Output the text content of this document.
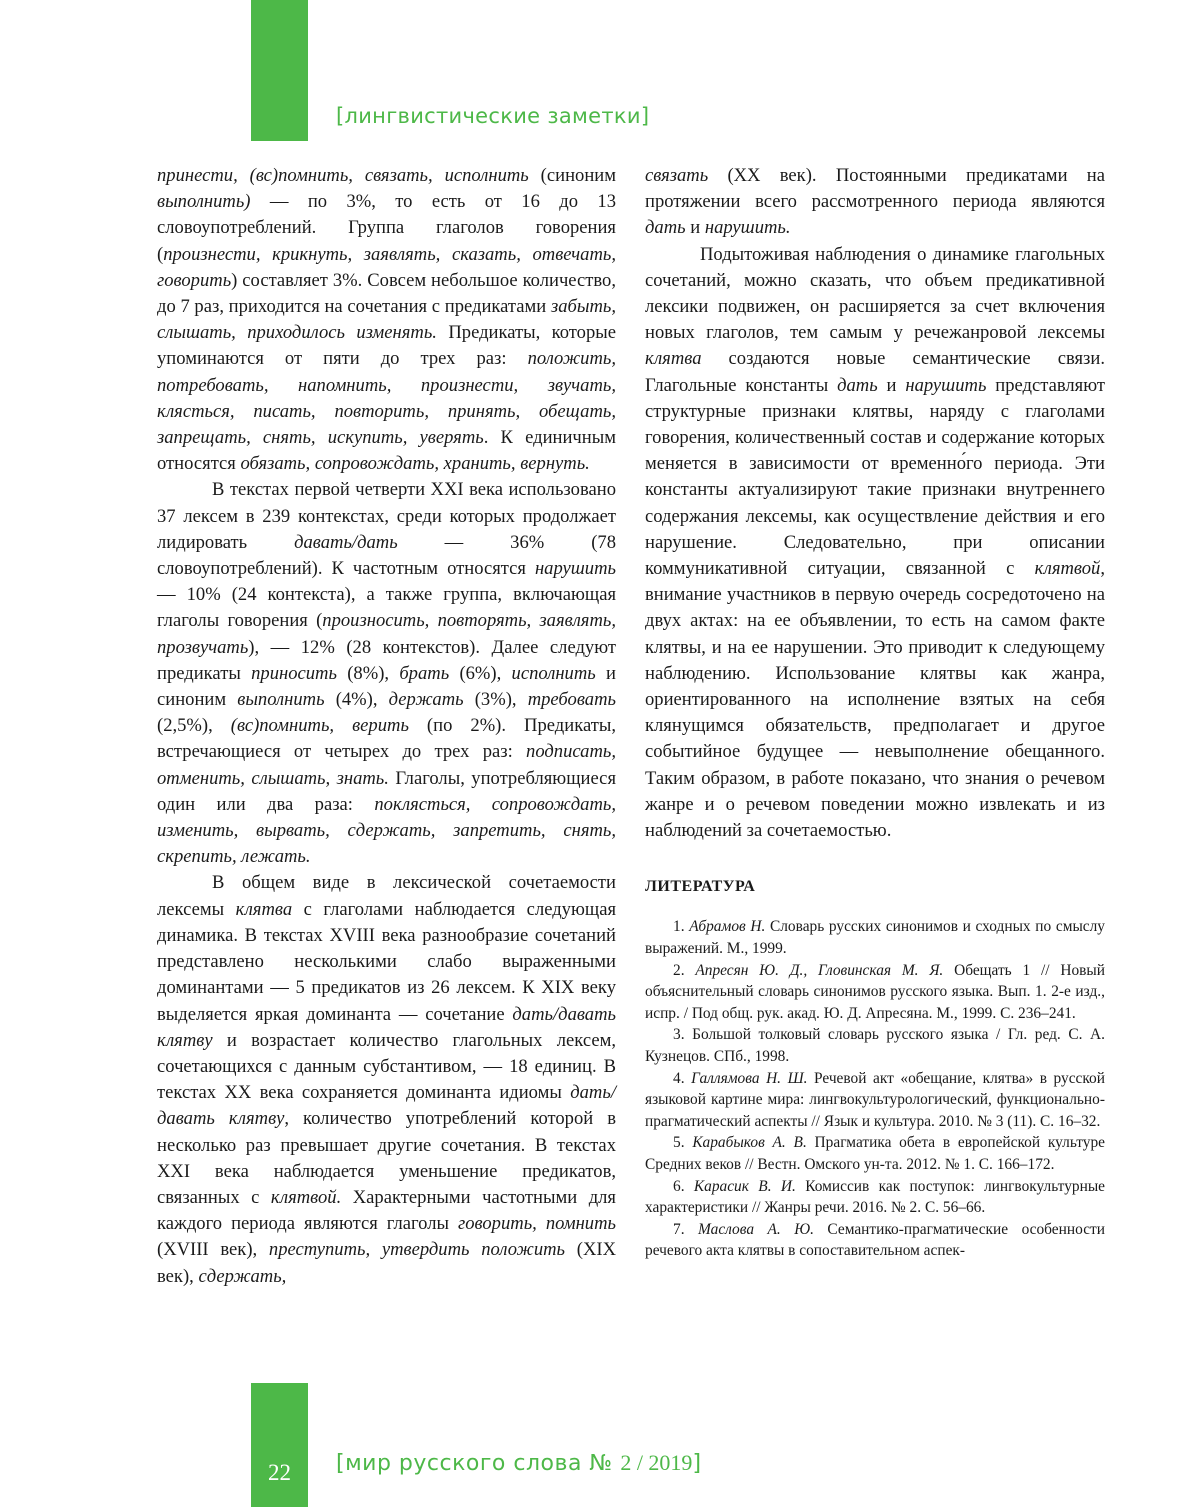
[лингвистические заметки]

принести, (вс)помнить, связать, исполнить (синоним выполнить) — по 3%, то есть от 16 до 13 словоупотреблений. Группа глаголов говорения (произнести, крикнуть, заявлять, сказать, отвечать, говорить) составляет 3%. Совсем небольшое количество, до 7 раз, приходится на сочетания с предикатами забыть, слышать, приходилось изменять. Предикаты, которые упоминаются от пяти до трех раз: положить, потребовать, напомнить, произнести, звучать, клясться, писать, повторить, принять, обещать, запрещать, снять, искупить, уверять. К единичным относятся обязать, сопровождать, хранить, вернуть.

В текстах первой четверти XXI века использовано 37 лексем в 239 контекстах, среди которых продолжает лидировать давать/дать — 36% (78 словоупотреблений). К частотным относятся нарушить — 10% (24 контекста), а также группа, включающая глаголы говорения (произносить, повторять, заявлять, прозвучать), — 12% (28 контекстов). Далее следуют предикаты приносить (8%), брать (6%), исполнить и синоним выполнить (4%), держать (3%), требовать (2,5%), (вс)помнить, верить (по 2%). Предикаты, встречающиеся от четырех до трех раз: подписать, отменить, слышать, знать. Глаголы, употребляющиеся один или два раза: поклясться, сопровождать, изменить, вырвать, сдержать, запретить, снять, скрепить, лежать.

В общем виде в лексической сочетаемости лексемы клятва с глаголами наблюдается следующая динамика. В текстах XVIII века разнообразие сочетаний представлено несколькими слабо выраженными доминантами — 5 предикатов из 26 лексем. К XIX веку выделяется яркая доминанта — сочетание дать/давать клятву и возрастает количество глагольных лексем, сочетающихся с данным субстантивом, — 18 единиц. В текстах XX века сохраняется доминанта идиомы дать/давать клятву, количество употреблений которой в несколько раз превышает другие сочетания. В текстах XXI века наблюдается уменьшение предикатов, связанных с клятвой. Характерными частотными для каждого периода являются глаголы говорить, помнить (XVIII век), преступить, утвердить положить (XIX век), сдержать,

связать (XX век). Постоянными предикатами на протяжении всего рассмотренного периода являются дать и нарушить.

Подытоживая наблюдения о динамике глагольных сочетаний, можно сказать, что объем предикативной лексики подвижен, он расширяется за счет включения новых глаголов, тем самым у речежанровой лексемы клятва создаются новые семантические связи. Глагольные константы дать и нарушить представляют структурные признаки клятвы, наряду с глаголами говорения, количественный состав и содержание которых меняется в зависимости от временно́го периода. Эти константы актуализируют такие признаки внутреннего содержания лексемы, как осуществление действия и его нарушение. Следовательно, при описании коммуникативной ситуации, связанной с клятвой, внимание участников в первую очередь сосредоточено на двух актах: на ее объявлении, то есть на самом факте клятвы, и на ее нарушении. Это приводит к следующему наблюдению. Использование клятвы как жанра, ориентированного на исполнение взятых на себя клянущимся обязательств, предполагает и другое событийное будущее — невыполнение обещанного. Таким образом, в работе показано, что знания о речевом жанре и о речевом поведении можно извлекать и из наблюдений за сочетаемостью.

ЛИТЕРАТУРА

1. Абрамов Н. Словарь русских синонимов и сходных по смыслу выражений. М., 1999.

2. Апресян Ю. Д., Гловинская М. Я. Обещать 1 // Новый объяснительный словарь синонимов русского языка. Вып. 1. 2-е изд., испр. / Под общ. рук. акад. Ю. Д. Апресяна. М., 1999. С. 236–241.

3. Большой толковый словарь русского языка / Гл. ред. С. А. Кузнецов. СПб., 1998.

4. Галлямова Н. Ш. Речевой акт «обещание, клятва» в русской языковой картине мира: лингвокультурологический, функционально-прагматический аспекты // Язык и культура. 2010. № 3 (11). С. 16–32.

5. Карабыков А. В. Прагматика обета в европейской культуре Средних веков // Вестн. Омского ун-та. 2012. № 1. С. 166–172.

6. Карасик В. И. Комиссив как поступок: лингвокультурные характеристики // Жанры речи. 2016. № 2. С. 56–66.

7. Маслова А. Ю. Семантико-прагматические особенности речевого акта клятвы в сопоставительном аспек-

22	[мир русского слова № 2 / 2019]
